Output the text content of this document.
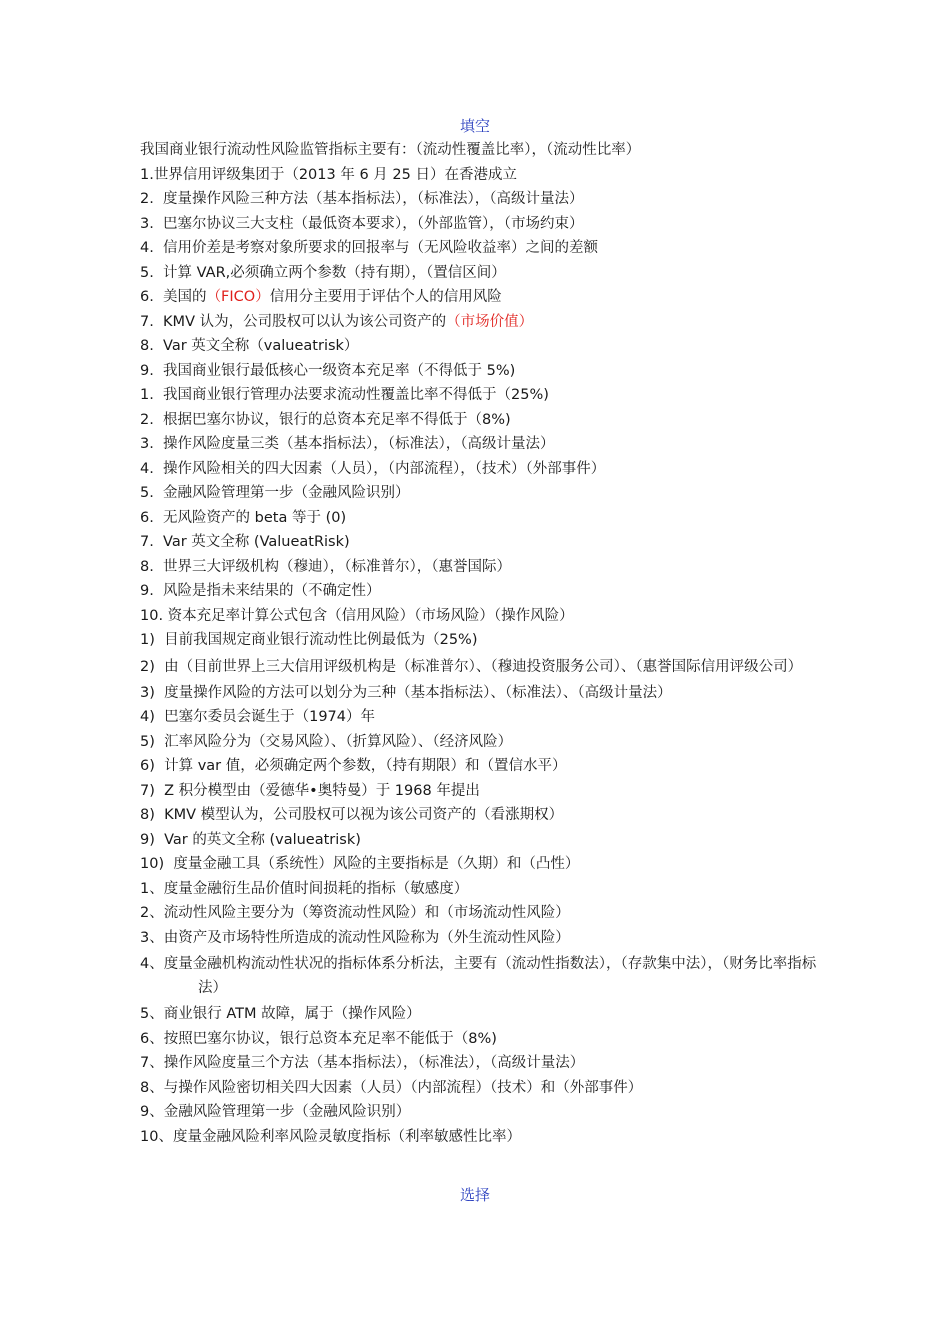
填空
我国商业银行流动性风险监管指标主要有：（流动性覆盖比率），（流动性比率）
1.世界信用评级集团于（2013 年 6 月 25 日）在香港成立
2.  度量操作风险三种方法（基本指标法），（标准法），（高级计量法）
3.  巴塞尔协议三大支柱（最低资本要求），（外部监管），（市场约束）
4.  信用价差是考察对象所要求的回报率与（无风险收益率）之间的差额
5.  计算 VAR,必须确立两个参数（持有期），（置信区间）
6.  美国的（FICO）信用分主要用于评估个人的信用风险
7.  KMV 认为，公司股权可以认为该公司资产的（市场价值）
8.  Var 英文全称（valueatrisk）
9.  我国商业银行最低核心一级资本充足率（不得低于 5%)
1.  我国商业银行管理办法要求流动性覆盖比率不得低于（25%)
2.  根据巴塞尔协议，银行的总资本充足率不得低于（8%)
3.  操作风险度量三类（基本指标法），（标准法），（高级计量法）
4.  操作风险相关的四大因素（人员），（内部流程），（技术）（外部事件）
5.  金融风险管理第一步（金融风险识别）
6.  无风险资产的 beta 等于 (0)
7.  Var 英文全称 (ValueatRisk)
8.  世界三大评级机构（穆迪），（标准普尔），（惠誉国际）
9.  风险是指未来结果的（不确定性）
10. 资本充足率计算公式包含（信用风险）（市场风险）（操作风险）
1)  目前我国规定商业银行流动性比例最低为（25%)
2)  由（目前世界上三大信用评级机构是（标准普尔）、（穆迪投资服务公司）、（惠誉国际信用评级公司）
3)  度量操作风险的方法可以划分为三种（基本指标法）、（标准法）、（高级计量法）
4)  巴塞尔委员会诞生于（1974）年
5)  汇率风险分为（交易风险）、（折算风险）、（经济风险）
6)  计算 var 值，必须确定两个参数，（持有期限）和（置信水平）
7)  Z 积分模型由（爱德华•奥特曼）于 1968 年提出
8)  KMV 模型认为，公司股权可以视为该公司资产的（看涨期权）
9)  Var 的英文全称 (valueatrisk)
10)  度量金融工具（系统性）风险的主要指标是（久期）和（凸性）
1、度量金融衍生品价值时间损耗的指标（敏感度）
2、流动性风险主要分为（筹资流动性风险）和（市场流动性风险）
3、由资产及市场特性所造成的流动性风险称为（外生流动性风险）
4、度量金融机构流动性状况的指标体系分析法，主要有（流动性指数法），（存款集中法），（财务比率指标法）
5、商业银行 ATM 故障，属于（操作风险）
6、按照巴塞尔协议，银行总资本充足率不能低于（8%)
7、操作风险度量三个方法（基本指标法），（标准法），（高级计量法）
8、与操作风险密切相关四大因素（人员）（内部流程）（技术）和（外部事件）
9、金融风险管理第一步（金融风险识别）
10、度量金融风险利率风险灵敏度指标（利率敏感性比率）
选择
